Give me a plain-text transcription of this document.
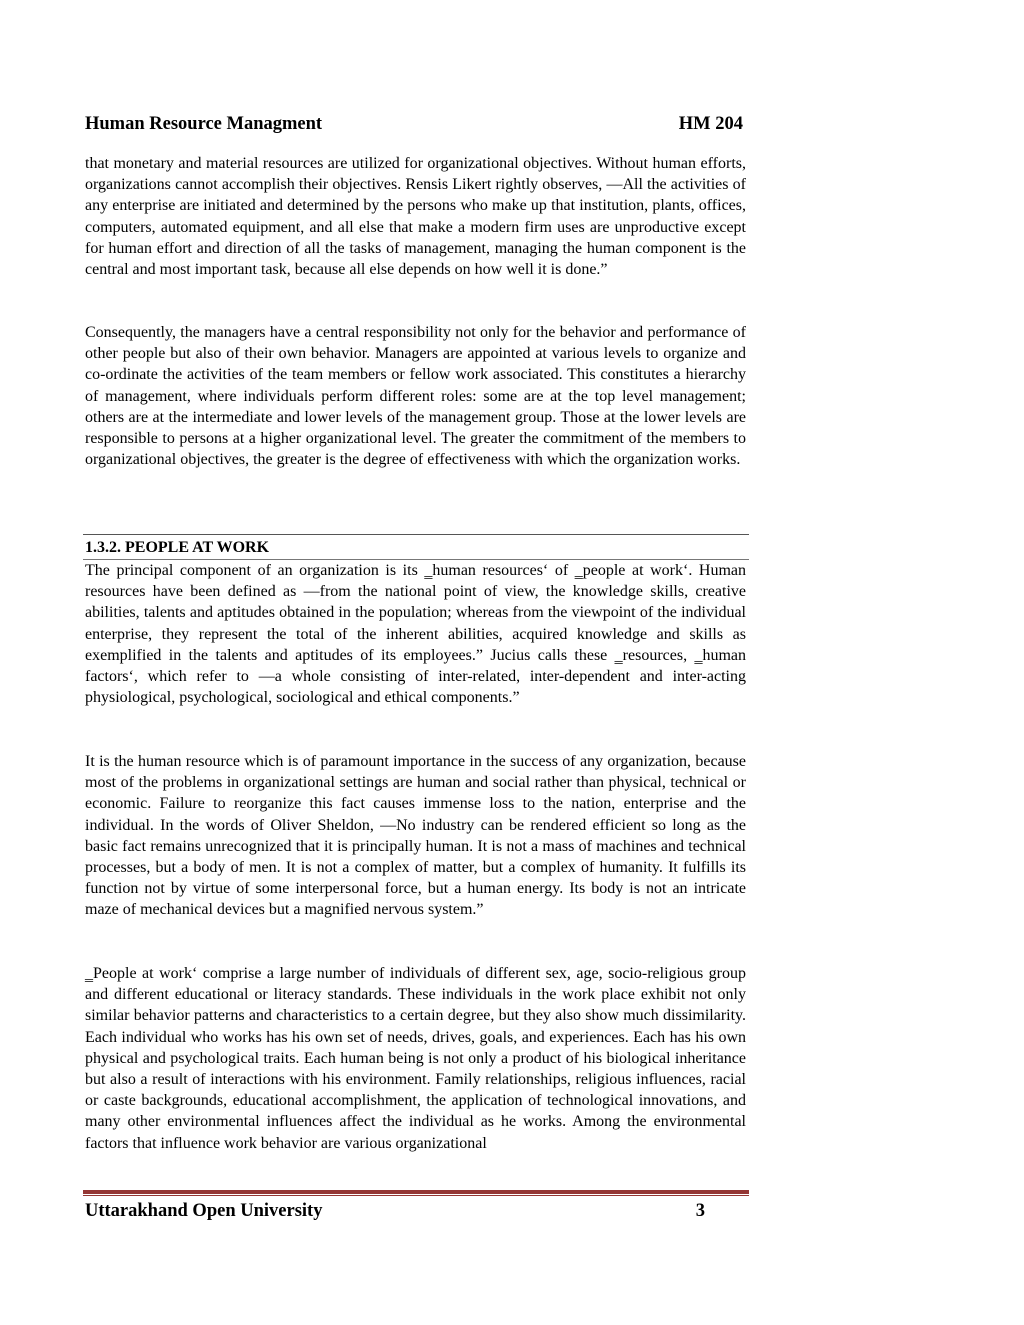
Human Resource Managment	HM 204

that monetary and material resources are utilized for organizational objectives. Without human efforts, organizations cannot accomplish their objectives. Rensis Likert rightly observes, ―All the activities of any enterprise are initiated and determined by the persons who make up that institution, plants, offices, computers, automated equipment, and all else that make a modern firm uses are unproductive except for human effort and direction of all the tasks of management, managing the human component is the central and most important task, because all else depends on how well it is done.”

Consequently, the managers have a central responsibility not only for the behavior and performance of other people but also of their own behavior. Managers are appointed at various levels to organize and co-ordinate the activities of the team members or fellow work associated. This constitutes a hierarchy of management, where individuals perform different roles: some are at the top level management; others are at the intermediate and lower levels of the management group. Those at the lower levels are responsible to persons at a higher organizational level. The greater the commitment of the members to organizational objectives, the greater is the degree of effectiveness with which the organization works.

1.3.2. PEOPLE AT WORK

The principal component of an organization is its ‗human resources‘ of ‗people at work‘. Human resources have been defined as ―from the national point of view, the knowledge skills, creative abilities, talents and aptitudes obtained in the population; whereas from the viewpoint of the individual enterprise, they represent the total of the inherent abilities, acquired knowledge and skills as exemplified in the talents and aptitudes of its employees.” Jucius calls these ‗resources, ‗human factors‘, which refer to ―a whole consisting of inter-related, inter-dependent and inter-acting physiological, psychological, sociological and ethical components.”

It is the human resource which is of paramount importance in the success of any organization, because most of the problems in organizational settings are human and social rather than physical, technical or economic. Failure to reorganize this fact causes immense loss to the nation, enterprise and the individual. In the words of Oliver Sheldon, ―No industry can be rendered efficient so long as the basic fact remains unrecognized that it is principally human. It is not a mass of machines and technical processes, but a body of men. It is not a complex of matter, but a complex of humanity. It fulfills its function not by virtue of some interpersonal force, but a human energy. Its body is not an intricate maze of mechanical devices but a magnified nervous system.”

‗People at work‘ comprise a large number of individuals of different sex, age, socio-religious group and different educational or literacy standards. These individuals in the work place exhibit not only similar behavior patterns and characteristics to a certain degree, but they also show much dissimilarity. Each individual who works has his own set of needs, drives, goals, and experiences. Each has his own physical and psychological traits. Each human being is not only a product of his biological inheritance but also a result of interactions with his environment. Family relationships, religious influences, racial or caste backgrounds, educational accomplishment, the application of technological innovations, and many other environmental influences affect the individual as he works. Among the environmental factors that influence work behavior are various organizational

Uttarakhand Open University	3
